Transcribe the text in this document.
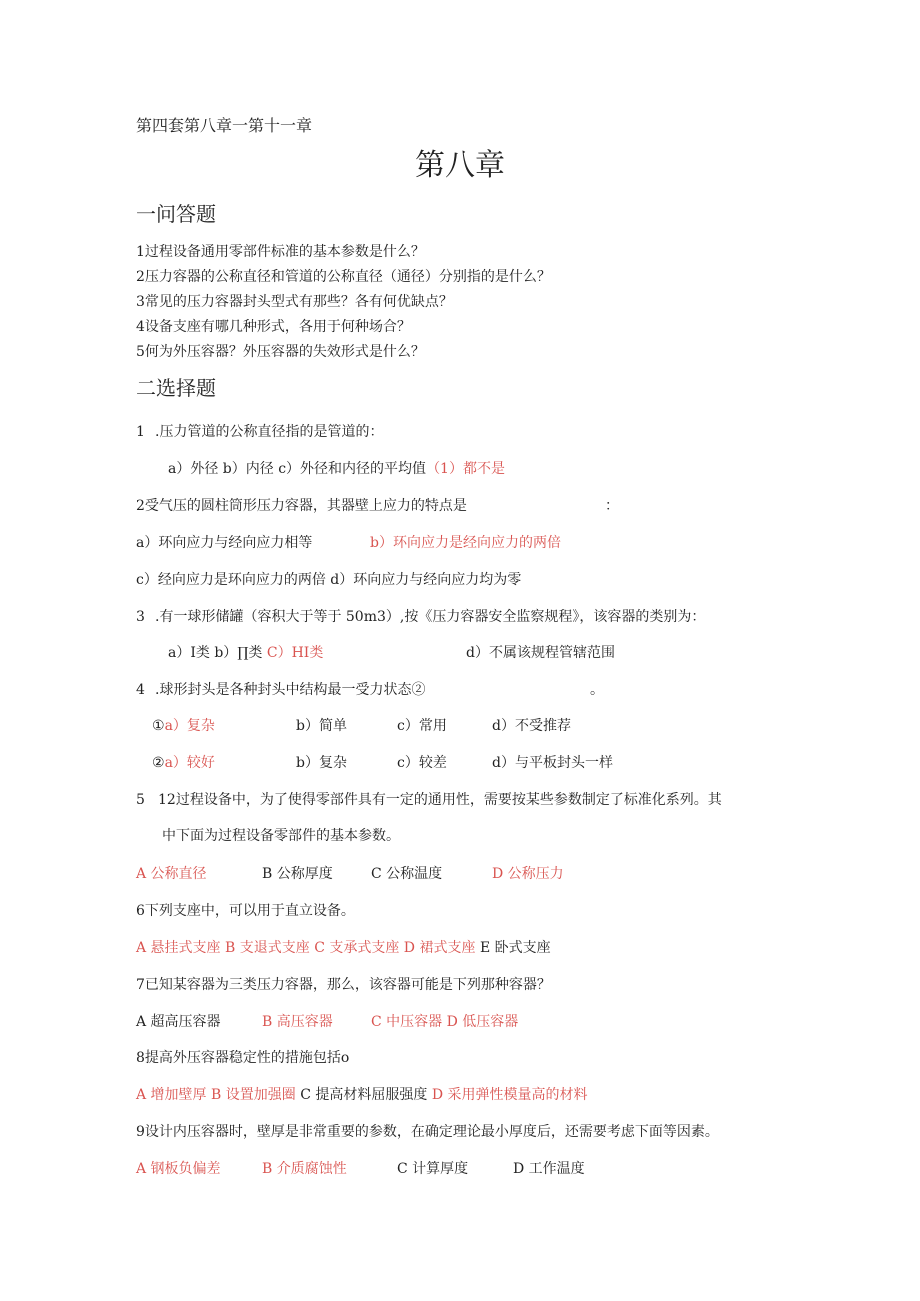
第四套第八章一第十一章
第八章
一问答题
1过程设备通用零部件标准的基本参数是什么？
2压力容器的公称直径和管道的公称直径（通径）分别指的是什么？
3常见的压力容器封头型式有那些？各有何优缺点？
4设备支座有哪几种形式，各用于何种场合？
5何为外压容器？外压容器的失效形式是什么？
二选择题
1 .压力管道的公称直径指的是管道的：
a）外径 b）内径 c）外径和内径的平均值（1）都不是
2受气压的圆柱筒形压力容器，其器壁上应力的特点是	：
a）环向应力与经向应力相等	b）环向应力是经向应力的两倍
c）经向应力是环向应力的两倍 d）环向应力与经向应力均为零
3 .有一球形储罐（容积大于等于 50m3）,按《压力容器安全监察规程》，该容器的类别为：
a）I类 b）∏类 C）HI类	d）不属该规程管辖范围
4 .球形封头是各种封头中结构最一受力状态②	。
①a）复杂	b）简单	c）常用	d）不受推荐
②a）较好	b）复杂	c）较差	d）与平板封头一样
5 12过程设备中，为了使得零部件具有一定的通用性，需要按某些参数制定了标准化系列。其
中下面为过程设备零部件的基本参数。
A 公称直径	B 公称厚度	C 公称温度	D 公称压力
6下列支座中，可以用于直立设备。
A 悬挂式支座 B 支退式支座 C 支承式支座 D 裙式支座 E 卧式支座
7已知某容器为三类压力容器，那么，该容器可能是下列那种容器？
A 超高压容器	B 高压容器	C 中压容器 D 低压容器
8提高外压容器稳定性的措施包括o
A 增加壁厚 B 设置加强圈 C 提高材料屈服强度 D 采用弹性模量高的材料
9设计内压容器时，壁厚是非常重要的参数，在确定理论最小厚度后，还需要考虑下面等因素。
A 钢板负偏差	B 介质腐蚀性	C 计算厚度	D 工作温度
